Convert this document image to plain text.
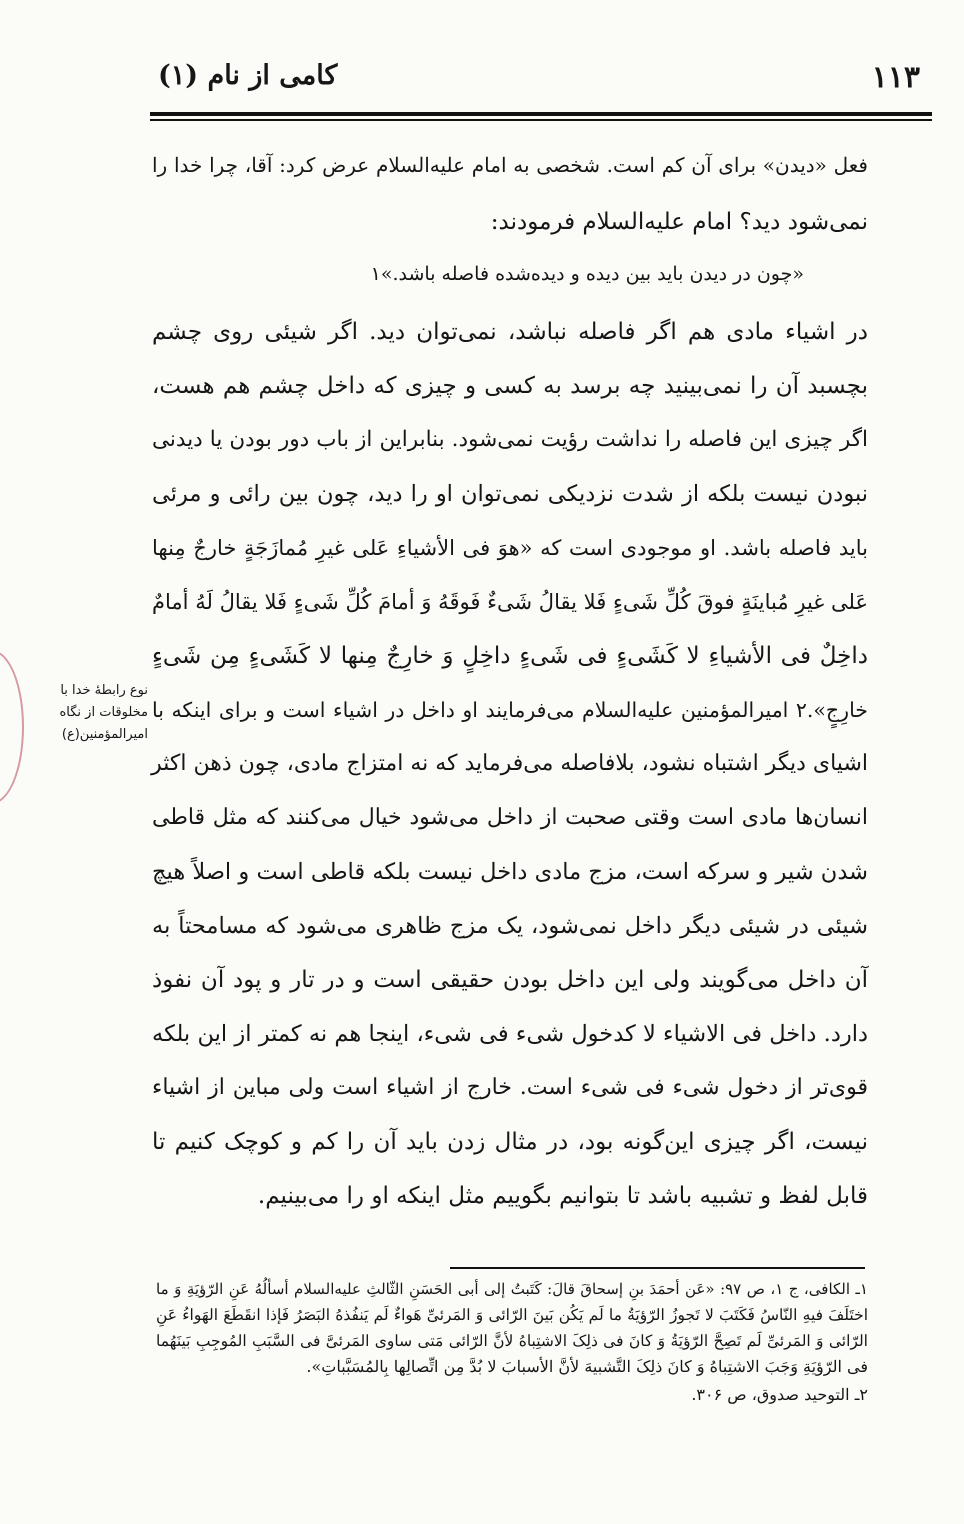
۱۱۳
کامی از نام (۱)
فعل «دیدن» برای آن کم است. شخصی به امام علیه‌السلام عرض کرد: آقا، چرا خدا را
نمی‌شود دید؟ امام علیه‌السلام فرمودند:
«چون در دیدن باید بین دیده و دیده‌شده فاصله باشد.»۱
در اشیاء مادی هم اگر فاصله نباشد، نمی‌توان دید. اگر شیئی روی چشم
بچسبد آن را نمی‌بینید چه برسد به کسی و چیزی که داخل چشم هم هست،
اگر چیزی این فاصله را نداشت رؤیت نمی‌شود. بنابراین از باب دور بودن یا دیدنی
نبودن نیست بلکه از شدت نزدیکی نمی‌توان او را دید، چون بین رائی و مرئی
باید فاصله باشد. او موجودی است که «هوَ فی الأشیاءِ عَلی غیرِ مُمازَجَةٍ خارجٌ مِنها
عَلی غیرِ مُباینَةٍ فوقَ کُلِّ شَیءٍ فَلا یقالُ شَیءٌ فَوقَهُ وَ أمامَ کُلِّ شَیءٍ فَلا یقالُ لَهُ أمامٌ
داخِلٌ فی الأشیاءِ لا کَشَیءٍ فی شَیءٍ داخِلٍ وَ خارِجٌ مِنها لا کَشَیءٍ مِن شَیءٍ
خارِجٍ».۲ امیرالمؤمنین علیه‌السلام می‌فرمایند او داخل در اشیاء است و برای اینکه با
اشیای دیگر اشتباه نشود، بلافاصله می‌فرماید که نه امتزاج مادی، چون ذهن اکثر
انسان‌ها مادی است وقتی صحبت از داخل می‌شود خیال می‌کنند که مثل قاطی
شدن شیر و سرکه است، مزج مادی داخل نیست بلکه قاطی است و اصلاً هیچ
شیئی در شیئی دیگر داخل نمی‌شود، یک مزج ظاهری می‌شود که مسامحتاً به
آن داخل می‌گویند ولی این داخل بودن حقیقی است و در تار و پود آن نفوذ
دارد. داخل فی الاشیاء لا کدخول شیء فی شیء، اینجا هم نه کمتر از این بلکه
قوی‌تر از دخول شیء فی شیء است. خارج از اشیاء است ولی مباین از اشیاء
نیست، اگر چیزی این‌گونه بود، در مثال زدن باید آن را کم و کوچک کنیم تا
قابل لفظ و تشبیه باشد تا بتوانیم بگوییم مثل اینکه او را می‌بینیم.
نوع رابطهٔ خدا با
مخلوقات از نگاه
امیرالمؤمنین(ع)
۱ـ الکافی، ج ۱، ص ۹۷: «عَن أحمَدَ بنِ إسحاقَ قالَ: کَتَبتُ إلی أبی الحَسَنِ الثّالثِ علیه‌السلام أسألُهُ عَنِ الرّؤیَةِ وَ ما
اختَلَفَ فیهِ النّاسُ فَکَتَبَ لا تَجوزُ الرّؤیَةُ ما لَم یَکُن بَینَ الرّائی وَ المَرئیِّ هَواءٌ لَم یَنفُذهُ البَصَرُ فَإذا انقَطَعَ الهَواءُ عَنِ
الرّائی وَ المَرئیِّ لَم تَصِحَّ الرّؤیَةُ وَ کانَ فی ذلِکَ الاشتِباهُ لأنَّ الرّائی مَتی ساوی المَرئیَّ فی السَّبَبِ المُوجِبِ بَینَهُما
فی الرّؤیَةِ وَجَبَ الاشتِباهُ وَ کانَ ذلِکَ التَّشبیهَ لأنَّ الأسبابَ لا بُدَّ مِن اتِّصالِها بِالمُسَبَّباتِ».
۲ـ التوحید صدوق، ص ۳۰۶.
